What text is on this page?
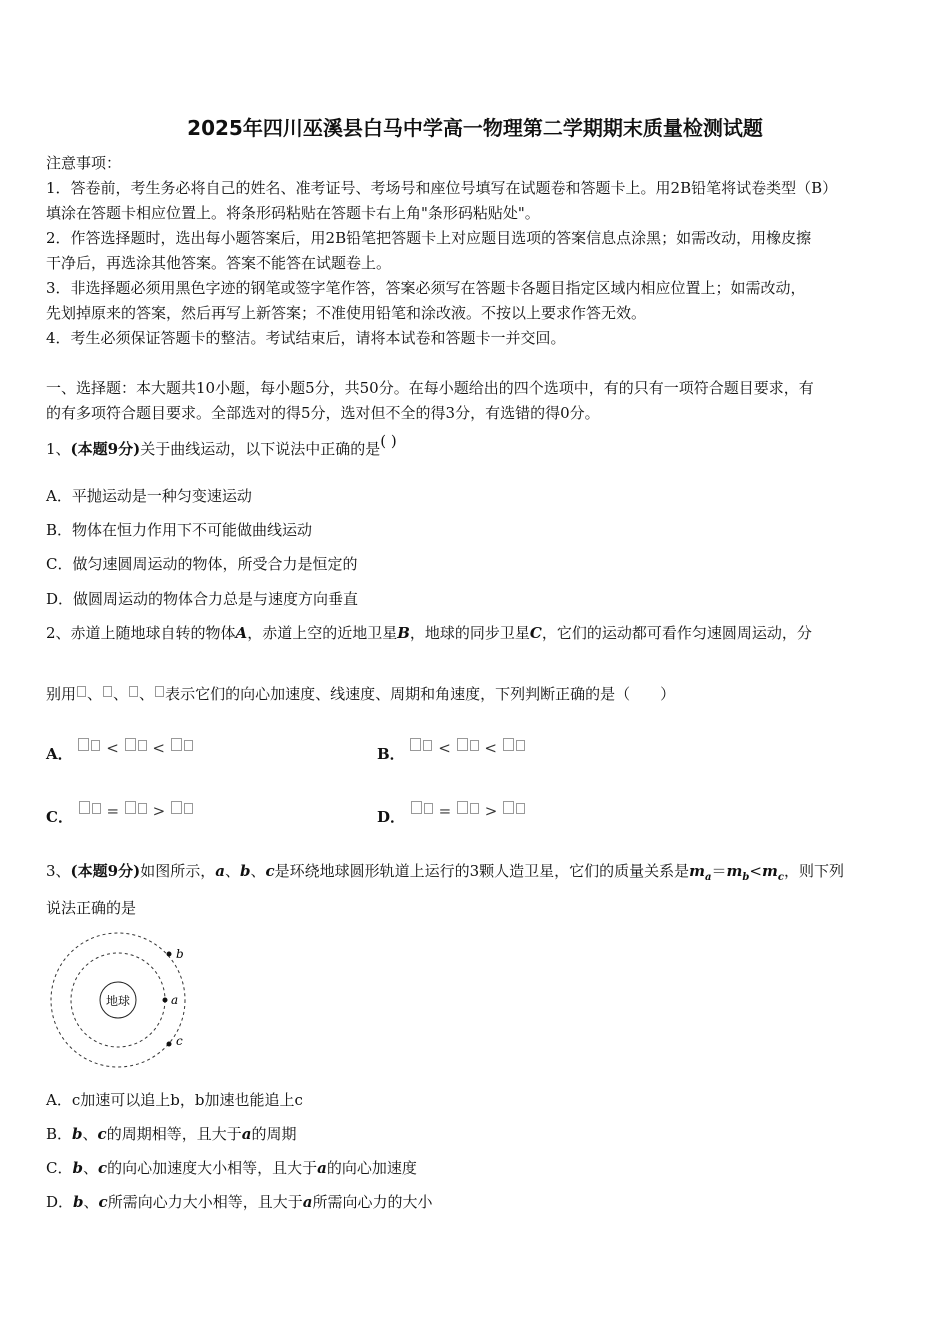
2025年四川巫溪县白马中学高一物理第二学期期末质量检测试题
注意事项：
1．答卷前，考生务必将自己的姓名、准考证号、考场号和座位号填写在试题卷和答题卡上。用2B铅笔将试卷类型（B）
填涂在答题卡相应位置上。将条形码粘贴在答题卡右上角"条形码粘贴处"。
2．作答选择题时，选出每小题答案后，用2B铅笔把答题卡上对应题目选项的答案信息点涂黑；如需改动，用橡皮擦
干净后，再选涂其他答案。答案不能答在试题卷上。
3．非选择题必须用黑色字迹的钢笔或签字笔作答，答案必须写在答题卡各题目指定区域内相应位置上；如需改动，
先划掉原来的答案，然后再写上新答案；不准使用铅笔和涂改液。不按以上要求作答无效。
4．考生必须保证答题卡的整洁。考试结束后，请将本试卷和答题卡一并交回。
一、选择题：本大题共10小题，每小题5分，共50分。在每小题给出的四个选项中，有的只有一项符合题目要求，有
的有多项符合题目要求。全部选对的得5分，选对但不全的得3分，有选错的得0分。
1、(本题9分)关于曲线运动，以下说法中正确的是( )
A．平抛运动是一种匀变速运动
B．物体在恒力作用下不可能做曲线运动
C．做匀速圆周运动的物体，所受合力是恒定的
D．做圆周运动的物体合力总是与速度方向垂直
2、赤道上随地球自转的物体A，赤道上空的近地卫星B，地球的同步卫星C，它们的运动都可看作匀速圆周运动，分
别用 、 、 、 表示它们的向心加速度、线速度、周期和角速度，下列判断正确的是（　　）
A． < <	B． < <
C． = >	D． = >
3、(本题9分)如图所示，a、b、c是环绕地球圆形轨道上运行的3颗人造卫星，它们的质量关系是$m_a=m_b<m_c$，则下列
说法正确的是
地球
b
a
c
A．c加速可以追上b，b加速也能追上c
B．b、c的周期相等，且大于a的周期
C．b、c的向心加速度大小相等，且大于a的向心加速度
D．b、c所需向心力大小相等，且大于a所需向心力的大小
